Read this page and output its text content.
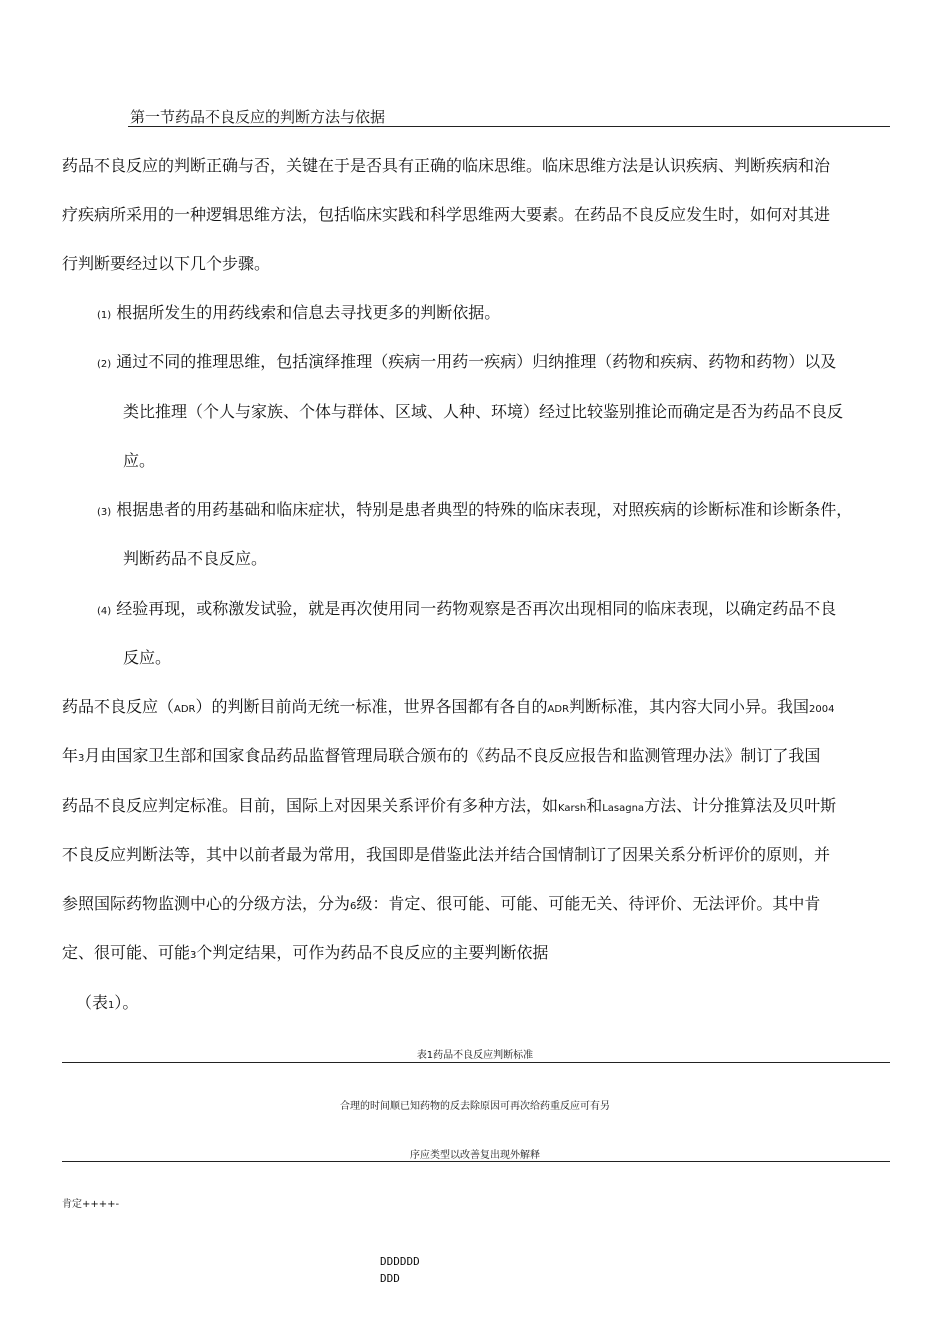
第一节药品不良反应的判断方法与依据
药品不良反应的判断正确与否，关键在于是否具有正确的临床思维。临床思维方法是认识疾病、判断疾病和治
疗疾病所采用的一种逻辑思维方法，包括临床实践和科学思维两大要素。在药品不良反应发生时，如何对其进
行判断要经过以下几个步骤。
(1) 根据所发生的用药线索和信息去寻找更多的判断依据。
(2) 通过不同的推理思维，包括演绎推理（疾病一用药一疾病）归纳推理（药物和疾病、药物和药物）以及
类比推理（个人与家族、个体与群体、区域、人种、环境）经过比较鉴别推论而确定是否为药品不良反
应。
(3) 根据患者的用药基础和临床症状，特别是患者典型的特殊的临床表现，对照疾病的诊断标准和诊断条件，
判断药品不良反应。
(4) 经验再现，或称激发试验，就是再次使用同一药物观察是否再次出现相同的临床表现，以确定药品不良
反应。
药品不良反应（ADR）的判断目前尚无统一标准，世界各国都有各自的ADR判断标准，其内容大同小异。我国2004
年3月由国家卫生部和国家食品药品监督管理局联合颁布的《药品不良反应报告和监测管理办法》制订了我国
药品不良反应判定标准。目前，国际上对因果关系评价有多种方法，如Karsh和Lasagna方法、计分推算法及贝叶斯
不良反应判断法等，其中以前者最为常用，我国即是借鉴此法并结合国情制订了因果关系分析评价的原则，并
参照国际药物监测中心的分级方法，分为6级：肯定、很可能、可能、可能无关、待评价、无法评价。其中肯
定、很可能、可能3个判定结果，可作为药品不良反应的主要判断依据
（表1）。
表1药品不良反应判断标准
合理的时间顺已知药物的反去除原因可再次给药重反应可有另
序应类型以改善复出现外解释
肯定++++-
DDDDDD
DDD
